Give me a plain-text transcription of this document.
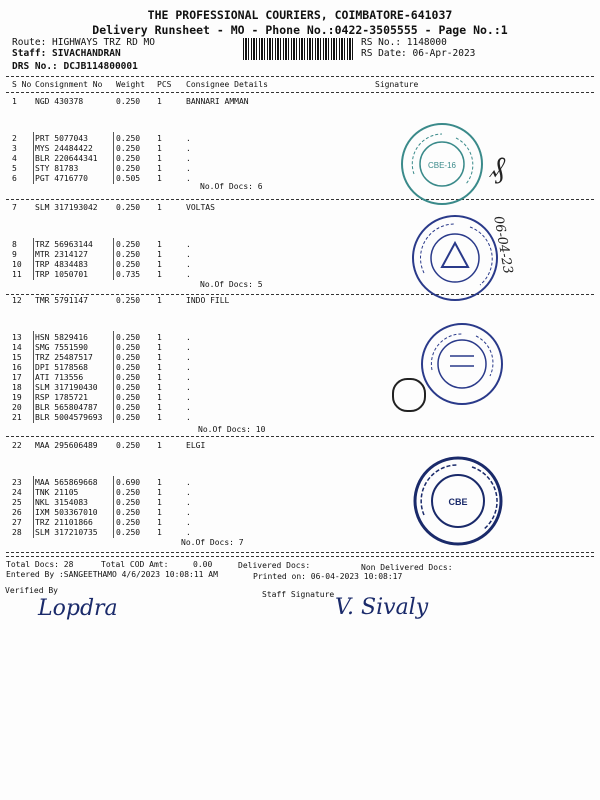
THE PROFESSIONAL COURIERS, COIMBATORE-641037
Delivery Runsheet - MO - Phone No.:0422-3505555 - Page No.:1
Route: HIGHWAYS TRZ RD MO
Staff: SIVACHANDRAN
DRS No.: DCJB114800001
RS No.: 1148000
RS Date: 06-Apr-2023
S No Consignment No Weight PCS Consignee Details	Signature
1 NGD 430378	0.250 1	BANNARI AMMAN
2 PRT 5077043	0.250 1	.
3 MYS 24484422	0.250 1	.
4 BLR 220644341 0.250 1	.
5 STY 81783	0.250 1	.
6 PGT 4716770	0.505 1	.
No.Of Docs: 6
7 SLM 317193042 0.250 1	VOLTAS
8 TRZ 56963144	0.250 1	.
9 MTR 2314127	0.250 1	.
10 TRP 4834483	0.250 1	.
11 TRP 1050701	0.735 1	.
No.Of Docs: 5
12 TMR 5791147	0.250 1	INDO FILL
13 HSN 5829416	0.250 1	.
14 SMG 7551590	0.250 1	.
15 TRZ 25487517	0.250 1	.
16 DPI 5178568	0.250 1	.
17 ATI 713556	0.250 1	.
18 SLM 317190430 0.250 1	.
19 RSP 1785721	0.250 1	.
20 BLR 565804787 0.250 1	.
21 BLR 5004579693 0.250 1	.
No.Of Docs: 10
22 MAA 295606489 0.250 1	ELGI
23 MAA 565869668 0.690 1	.
24 TNK 21105	0.250 1	.
25 NKL 3154083	0.250 1	.
26 IXM 503367010 0.250 1	.
27 TRZ 21101866	0.250 1	.
28 SLM 317210735 0.250 1	.
No.Of Docs: 7
CBE-16 ₰
06-04-23
CBE
Total Docs: 28	Total COD Amt:	0.00	Delivered Docs:	Non Delivered Docs:
Entered By :SANGEETHAMO 4/6/2023 10:08:11 AM	Printed on: 06-04-2023 10:08:17
Verified By	Staff Signature
Lopdra	V. Sivaly
